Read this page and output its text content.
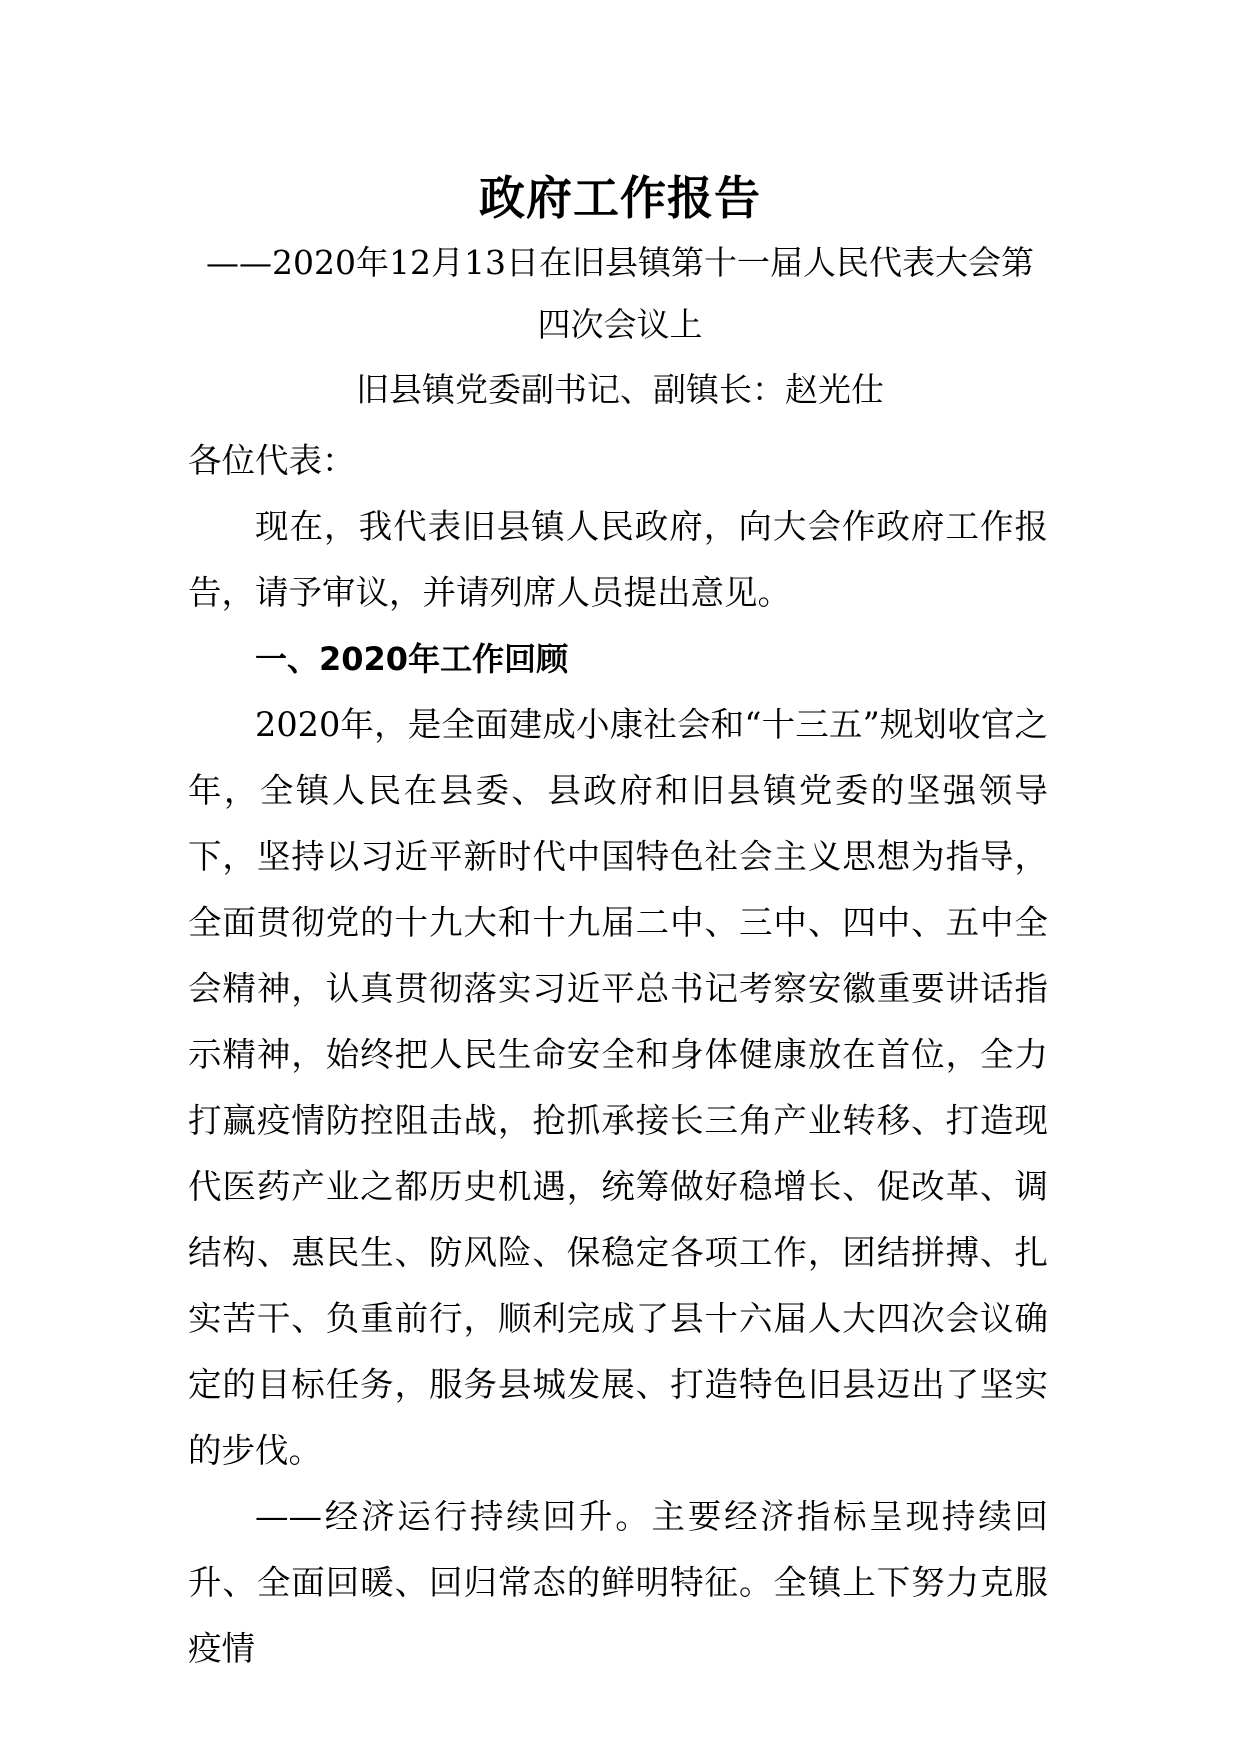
政府工作报告
——2020年12月13日在旧县镇第十一届人民代表大会第
四次会议上
旧县镇党委副书记、副镇长：赵光仕

各位代表：

现在，我代表旧县镇人民政府，向大会作政府工作报告，请予审议，并请列席人员提出意见。

一、2020年工作回顾

2020年，是全面建成小康社会和“十三五”规划收官之年，全镇人民在县委、县政府和旧县镇党委的坚强领导下，坚持以习近平新时代中国特色社会主义思想为指导，全面贯彻党的十九大和十九届二中、三中、四中、五中全会精神，认真贯彻落实习近平总书记考察安徽重要讲话指示精神，始终把人民生命安全和身体健康放在首位，全力打赢疫情防控阻击战，抢抓承接长三角产业转移、打造现代医药产业之都历史机遇，统筹做好稳增长、促改革、调结构、惠民生、防风险、保稳定各项工作，团结拼搏、扎实苦干、负重前行，顺利完成了县十六届人大四次会议确定的目标任务，服务县城发展、打造特色旧县迈出了坚实的步伐。

——经济运行持续回升。主要经济指标呈现持续回升、全面回暖、回归常态的鲜明特征。全镇上下努力克服疫情
